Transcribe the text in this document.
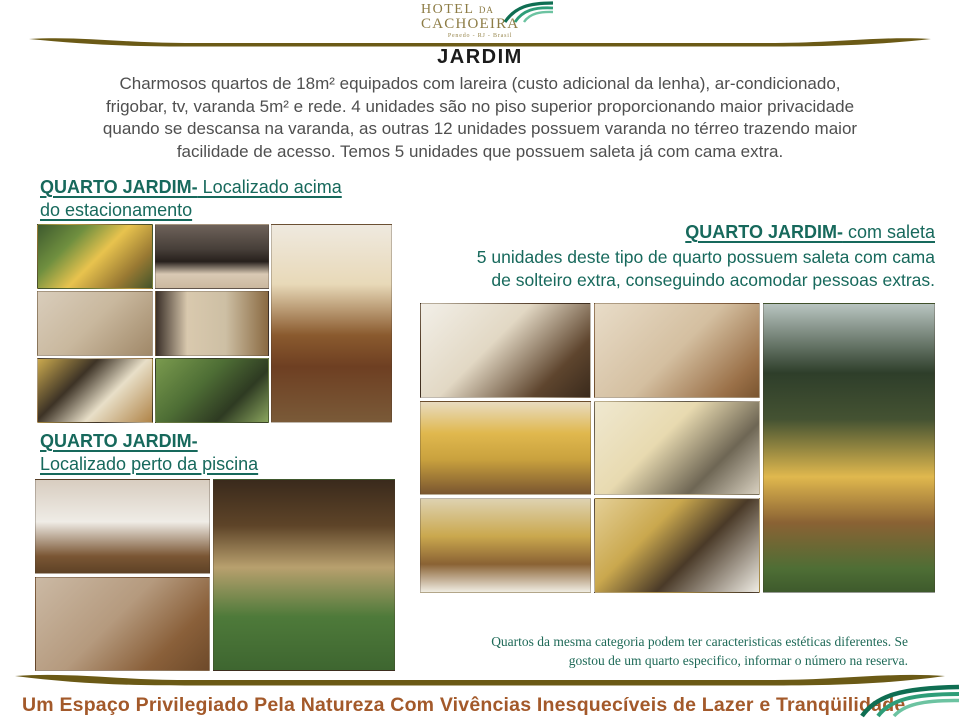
HOTEL DA
CACHOEIRA
Penedo - RJ - Brasil
JARDIM
Charmosos quartos de 18m² equipados com lareira (custo adicional da lenha), ar-condicionado,
frigobar, tv, varanda 5m² e rede. 4 unidades são no piso superior proporcionando maior privacidade
quando se descansa na varanda, as outras 12 unidades possuem varanda no térreo trazendo maior
facilidade de acesso. Temos 5 unidades que possuem saleta já com cama extra.
QUARTO JARDIM- Localizado acima
do estacionamento
QUARTO JARDIM- com saleta
5 unidades deste tipo de quarto possuem saleta com cama
de solteiro extra, conseguindo acomodar pessoas extras.
QUARTO JARDIM-
Localizado perto da piscina
Quartos da mesma categoria podem ter caracteristicas estéticas diferentes. Se
gostou de um quarto especifico, informar o número na reserva.
Um Espaço Privilegiado Pela Natureza Com Vivências Inesquecíveis de Lazer e Tranqüilidade
